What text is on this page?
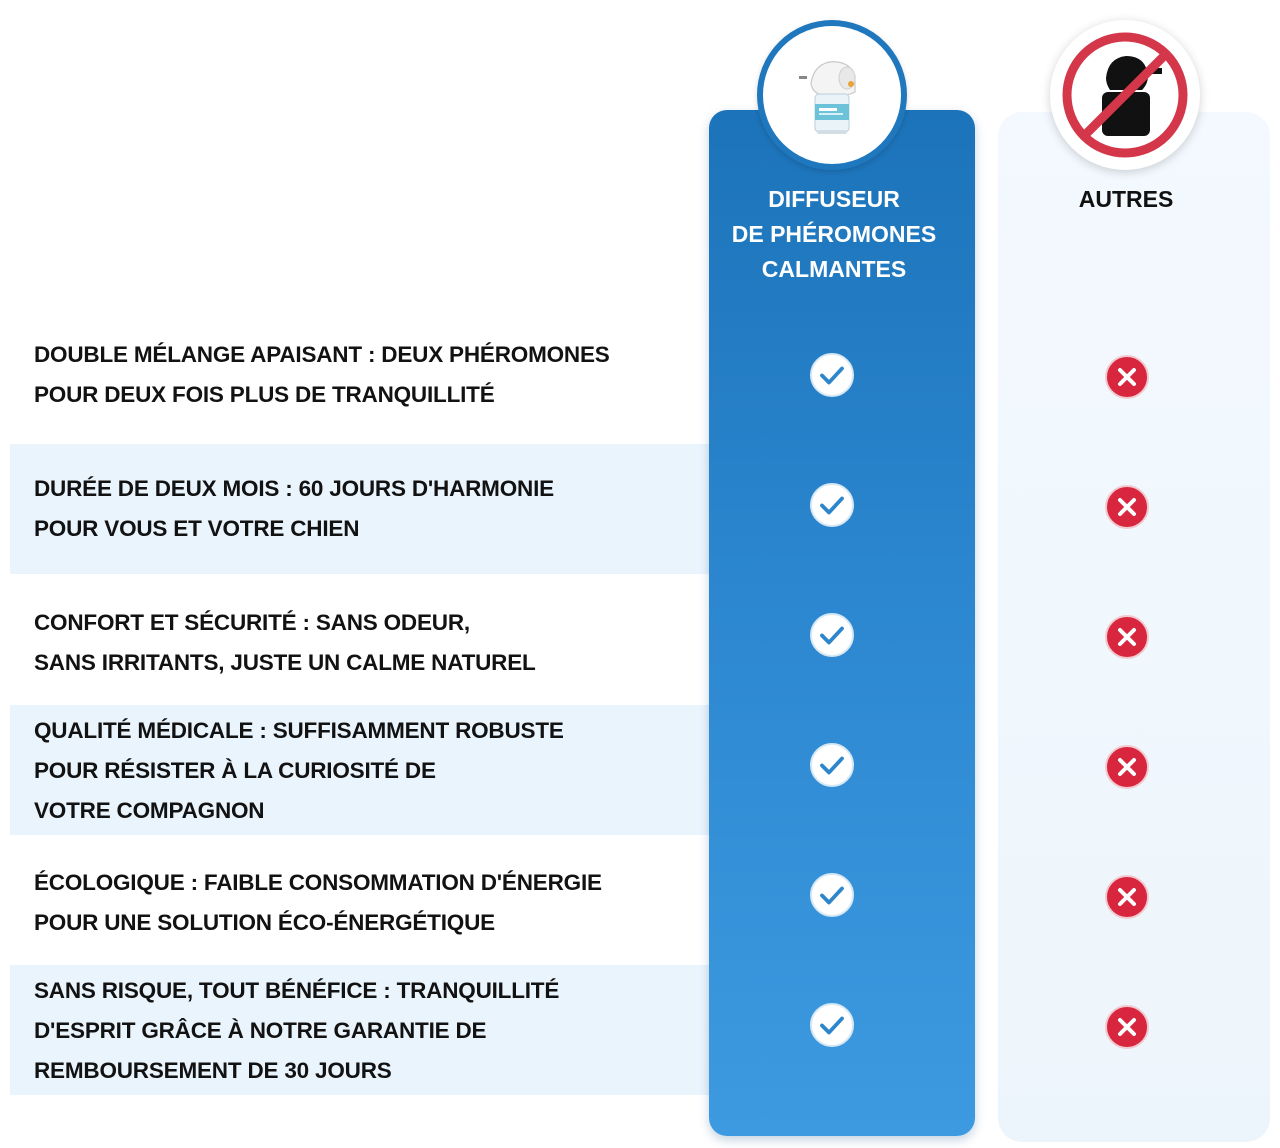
DIFFUSEUR
DE PHÉROMONES
CALMANTES
AUTRES
DOUBLE MÉLANGE APAISANT : DEUX PHÉROMONES
POUR DEUX FOIS PLUS DE TRANQUILLITÉ
DURÉE DE DEUX MOIS : 60 JOURS D'HARMONIE
POUR VOUS ET VOTRE CHIEN
CONFORT ET SÉCURITÉ : SANS ODEUR,
SANS IRRITANTS, JUSTE UN CALME NATUREL
QUALITÉ MÉDICALE : SUFFISAMMENT ROBUSTE
POUR RÉSISTER À LA CURIOSITÉ DE
VOTRE COMPAGNON
ÉCOLOGIQUE : FAIBLE CONSOMMATION D'ÉNERGIE
POUR UNE SOLUTION ÉCO-ÉNERGÉTIQUE
SANS RISQUE, TOUT BÉNÉFICE : TRANQUILLITÉ
D'ESPRIT GRÂCE À NOTRE GARANTIE DE
REMBOURSEMENT DE 30 JOURS
